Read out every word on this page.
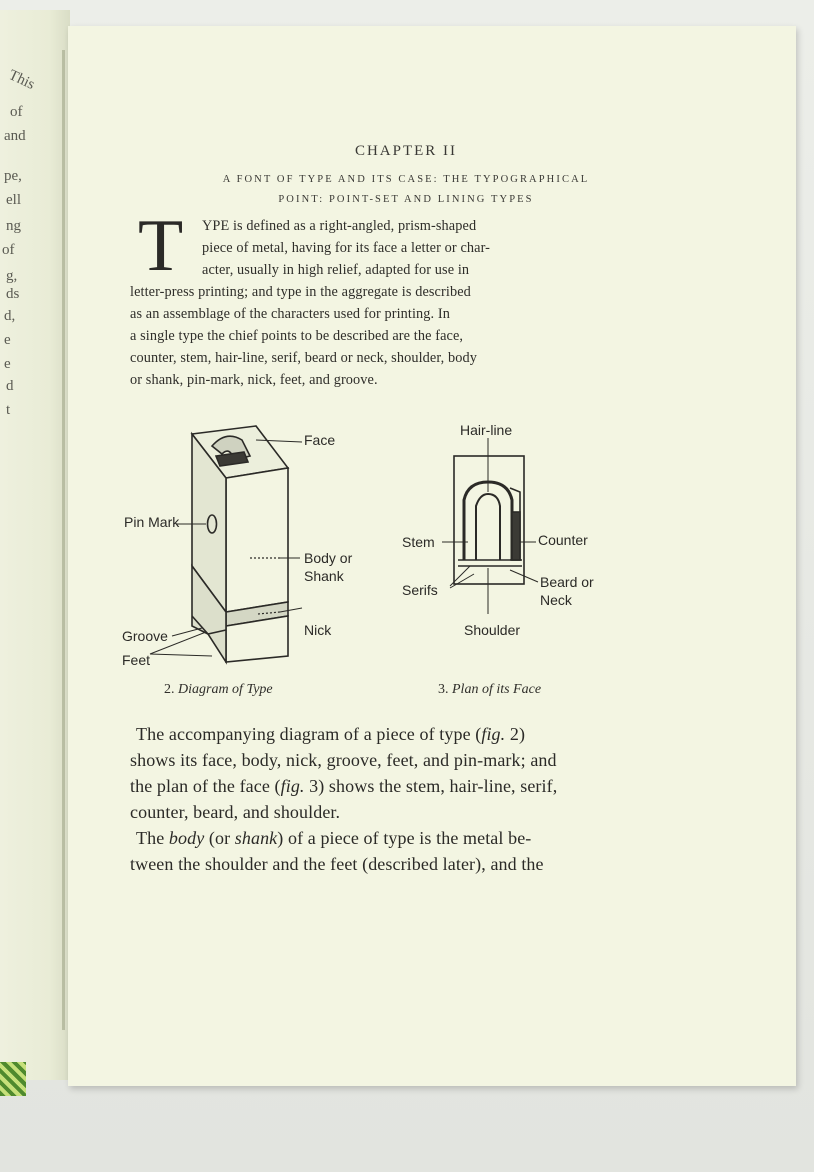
This
of
and
pe,
ell
ng
of
g,
ds
d,
e
e
d
t
CHAPTER II
A FONT OF TYPE AND ITS CASE: THE TYPOGRAPHICAL
POINT: POINT-SET AND LINING TYPES
T	YPE is defined as a right-angled, prism-shaped
piece of metal, having for its face a letter or char-
acter, usually in high relief, adapted for use in
letter-press printing; and type in the aggregate is described
as an assemblage of the characters used for printing. In
a single type the chief points to be described are the face,
counter, stem, hair-line, serif, beard or neck, shoulder, body
or shank, pin-mark, nick, feet, and groove.
Face
Pin Mark
Body or
Shank
Nick
Groove
Feet
Hair-line
Stem	Counter
Serifs	Beard or
Neck
Shoulder
2. Diagram of Type	3. Plan of its Face
The accompanying diagram of a piece of type (fig. 2)
shows its face, body, nick, groove, feet, and pin-mark; and
the plan of the face (fig. 3) shows the stem, hair-line, serif,
counter, beard, and shoulder.
The body (or shank) of a piece of type is the metal be-
tween the shoulder and the feet (described later), and the
